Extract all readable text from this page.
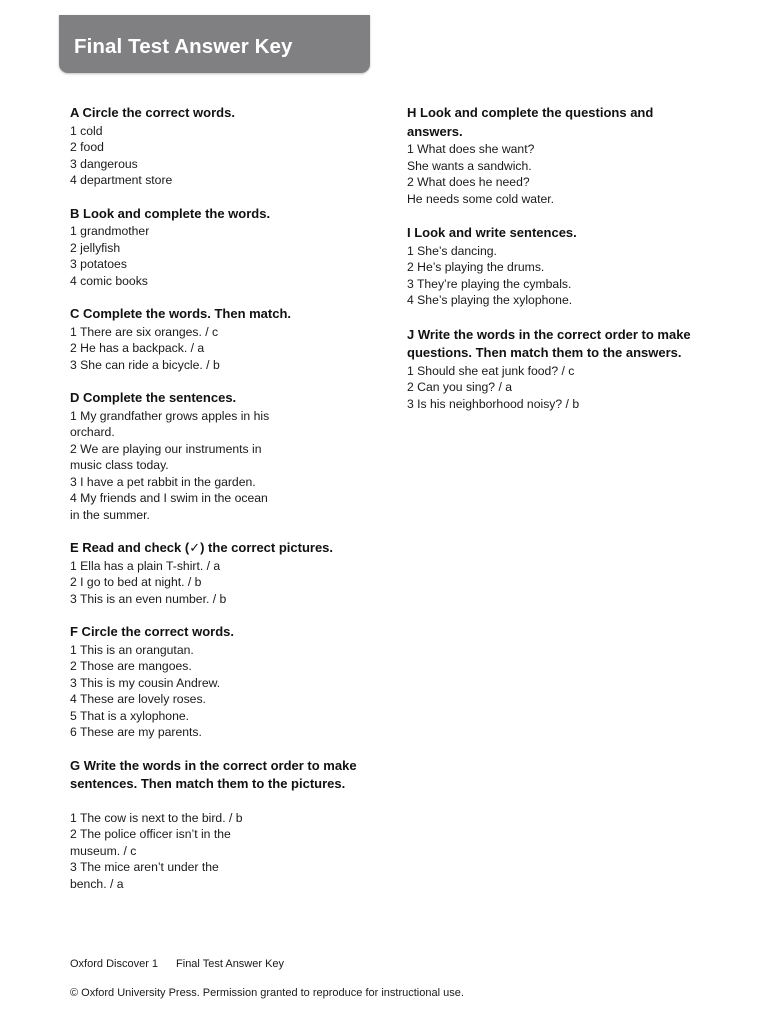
Final Test Answer Key
A Circle the correct words.
1 cold
2 food
3 dangerous
4 department store
B Look and complete the words.
1 grandmother
2 jellyfish
3 potatoes
4 comic books
C Complete the words. Then match.
1 There are six oranges. / c
2 He has a backpack. / a
3 She can ride a bicycle. / b
D Complete the sentences.
1 My grandfather grows apples in his
orchard.
2 We are playing our instruments in
music class today.
3 I have a pet rabbit in the garden.
4 My friends and I swim in the ocean
in the summer.
E Read and check (✓) the correct pictures.
1 Ella has a plain T-shirt. / a
2 I go to bed at night. / b
3 This is an even number. / b
F Circle the correct words.
1 This is an orangutan.
2 Those are mangoes.
3 This is my cousin Andrew.
4 These are lovely roses.
5 That is a xylophone.
6 These are my parents.
G Write the words in the correct order to make sentences. Then match them to the pictures.
1 The cow is next to the bird. / b
2 The police officer isn’t in the
museum. / c
3 The mice aren’t under the
bench. / a
H Look and complete the questions and answers.
1 What does she want?
She wants a sandwich.
2 What does he need?
He needs some cold water.
I Look and write sentences.
1 She’s dancing.
2 He’s playing the drums.
3 They’re playing the cymbals.
4 She’s playing the xylophone.
J Write the words in the correct order to make questions. Then match them to the answers.
1 Should she eat junk food? / c
2 Can you sing? / a
3 Is his neighborhood noisy? / b
Oxford Discover 1 Final Test Answer Key
© Oxford University Press. Permission granted to reproduce for instructional use.
